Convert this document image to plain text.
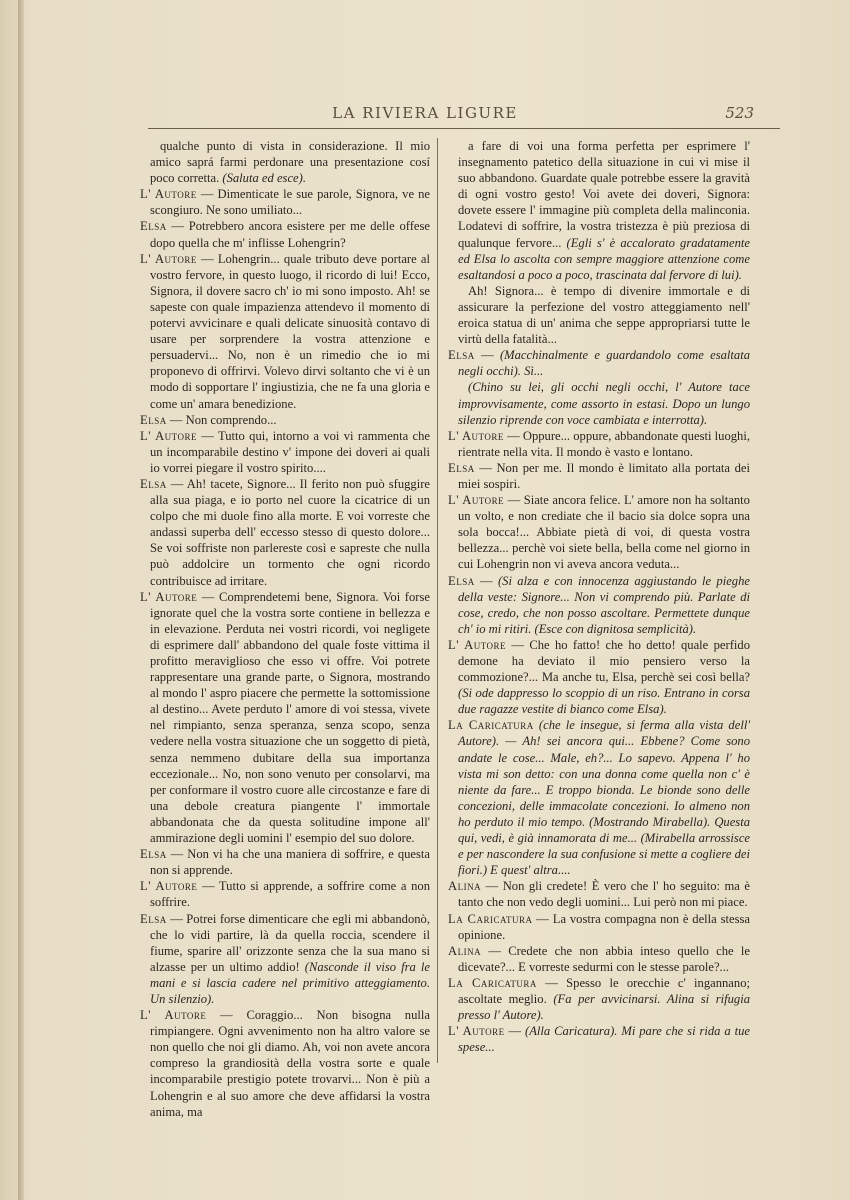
LA RIVIERA LIGURE	523

qualche punto di vista in considerazione. Il mio amico saprá farmi perdonare una presentazione cosí poco corretta. (Saluta ed esce).

L' Autore — Dimenticate le sue parole, Signora, ve ne scongiuro. Ne sono umiliato...

Elsa — Potrebbero ancora esistere per me delle offese dopo quella che m' inflisse Lohengrin?

L' Autore — Lohengrin... quale tributo deve portare al vostro fervore, in questo luogo, il ricordo di lui! Ecco, Signora, il dovere sacro ch' io mi sono imposto. Ah! se sapeste con quale impazienza attendevo il momento di potervi avvicinare e quali delicate sinuosità contavo di usare per sorprendere la vostra attenzione e persuadervi... No, non è un rimedio che io mi proponevo di offrirvi. Volevo dirvi soltanto che vi è un modo di sopportare l' ingiustizia, che ne fa una gloria e come un' amara benedizione.

Elsa — Non comprendo...

L' Autore — Tutto qui, intorno a voi vi rammenta che un incomparabile destino v' impone dei doveri ai quali io vorrei piegare il vostro spirito....

Elsa — Ah! tacete, Signore... Il ferito non può sfuggire alla sua piaga, e io porto nel cuore la cicatrice di un colpo che mi duole fino alla morte. E voi vorreste che andassi superba dell' eccesso stesso di questo dolore... Se voi soffriste non parlereste così e sapreste che nulla può addolcire un tormento che ogni ricordo contribuisce ad irritare.

L' Autore — Comprendetemi bene, Signora. Voi forse ignorate quel che la vostra sorte contiene in bellezza e in elevazione. Perduta nei vostri ricordi, voi negligete di esprimere dall' abbandono del quale foste vittima il profitto meraviglioso che esso vi offre. Voi potrete rappresentare una grande parte, o Signora, mostrando al mondo l' aspro piacere che permette la sottomissione al destino... Avete perduto l' amore di voi stessa, vivete nel rimpianto, senza speranza, senza scopo, senza vedere nella vostra situazione che un soggetto di pietà, senza nemmeno dubitare della sua importanza eccezionale... No, non sono venuto per consolarvi, ma per conformare il vostro cuore alle circostanze e fare di una debole creatura piangente l' immortale abbandonata che da questa solitudine impone all' ammirazione degli uomini l' esempio del suo dolore.

Elsa — Non vi ha che una maniera di soffrire, e questa non si apprende.

L' Autore — Tutto si apprende, a soffrire come a non soffrire.

Elsa — Potrei forse dimenticare che egli mi abbandonò, che lo vidi partire, là da quella roccia, scendere il fiume, sparire all' orizzonte senza che la sua mano si alzasse per un ultimo addio! (Nasconde il viso fra le mani e si lascia cadere nel primitivo atteggiamento. Un silenzio).

L' Autore — Coraggio... Non bisogna nulla rimpiangere. Ogni avvenimento non ha altro valore se non quello che noi gli diamo. Ah, voi non avete ancora compreso la grandiosità della vostra sorte e quale incomparabile prestigio potete trovarvi... Non è più a Lohengrin e al suo amore che deve affidarsi la vostra anima, ma

a fare di voi una forma perfetta per esprimere l' insegnamento patetico della situazione in cui vi mise il suo abbandono. Guardate quale potrebbe essere la gravità di ogni vostro gesto! Voi avete dei doveri, Signora: dovete essere l' immagine più completa della malinconia. Lodatevi di soffrire, la vostra tristezza è più preziosa di qualunque fervore... (Egli s' è accalorato gradatamente ed Elsa lo ascolta con sempre maggiore attenzione come esaltandosi a poco a poco, trascinata dal fervore di lui).

Ah! Signora... è tempo di divenire immortale e di assicurare la perfezione del vostro atteggiamento nell' eroica statua di un' anima che seppe appropriarsi tutte le virtù della fatalità...

Elsa — (Macchinalmente e guardandolo come esaltata negli occhi). Sì...

(Chino su lei, gli occhi negli occhi, l' Autore tace improvvisamente, come assorto in estasi. Dopo un lungo silenzio riprende con voce cambiata e interrotta).

L' Autore — Oppure... oppure, abbandonate questi luoghi, rientrate nella vita. Il mondo è vasto e lontano.

Elsa — Non per me. Il mondo è limitato alla portata dei miei sospiri.

L' Autore — Siate ancora felice. L' amore non ha soltanto un volto, e non crediate che il bacio sia dolce sopra una sola bocca!... Abbiate pietà di voi, di questa vostra bellezza... perchè voi siete bella, bella come nel giorno in cui Lohengrin non vi aveva ancora veduta...

Elsa — (Si alza e con innocenza aggiustando le pieghe della veste: Signore... Non vi comprendo più. Parlate di cose, credo, che non posso ascoltare. Permettete dunque ch' io mi ritiri. (Esce con dignitosa semplicità).

L' Autore — Che ho fatto! che ho detto! quale perfido demone ha deviato il mio pensiero verso la commozione?... Ma anche tu, Elsa, perchè sei così bella? (Si ode dappresso lo scoppio di un riso. Entrano in corsa due ragazze vestite di bianco come Elsa).

La Caricatura (che le insegue, si ferma alla vista dell' Autore). — Ah! sei ancora qui... Ebbene? Come sono andate le cose... Male, eh?... Lo sapevo. Appena l' ho vista mi son detto: con una donna come quella non c' è niente da fare... E troppo bionda. Le bionde sono delle concezioni, delle immacolate concezioni. Io almeno non ho perduto il mio tempo. (Mostrando Mirabella). Questa qui, vedi, è già innamorata di me... (Mirabella arrossisce e per nascondere la sua confusione si mette a cogliere dei fiori.) E quest' altra....

Alina — Non gli credete! È vero che l' ho seguito: ma è tanto che non vedo degli uomini... Lui però non mi piace.

La Caricatura — La vostra compagna non è della stessa opinione.

Alina — Credete che non abbia inteso quello che le dicevate?... E vorreste sedurmi con le stesse parole?...

La Caricatura — Spesso le orecchie c' ingannano; ascoltate meglio. (Fa per avvicinarsi. Alina si rifugia presso l' Autore).

L' Autore — (Alla Caricatura). Mi pare che si rida a tue spese...
